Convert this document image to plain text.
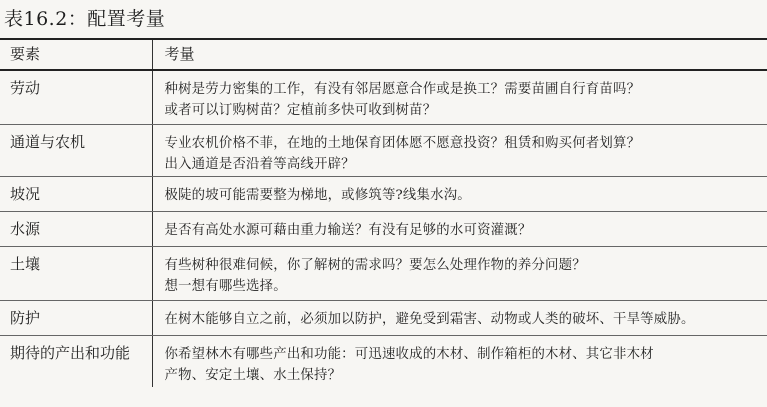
表16.2：配置考量
要素	考量
劳动	种树是劳力密集的工作，有没有邻居愿意合作或是换工？需要苗圃自行育苗吗？
或者可以订购树苗？定植前多快可收到树苗？

通道与农机	专业农机价格不菲，在地的土地保育团体愿不愿意投资？租赁和购买何者划算？
出入通道是否沿着等高线开辟？

坡况	极陡的坡可能需要整为梯地，或修筑等?线集水沟。

水源	是否有高处水源可藉由重力输送？有没有足够的水可资灌溉？

土壤	有些树种很难伺候，你了解树的需求吗？要怎么处理作物的养分问题？
想一想有哪些选择。

防护	在树木能够自立之前，必须加以防护，避免受到霜害、动物或人类的破坏、干旱等威胁。

期待的产出和功能	你希望林木有哪些产出和功能：可迅速收成的木材、制作箱柜的木材、其它非木材
产物、安定土壤、水土保持？
